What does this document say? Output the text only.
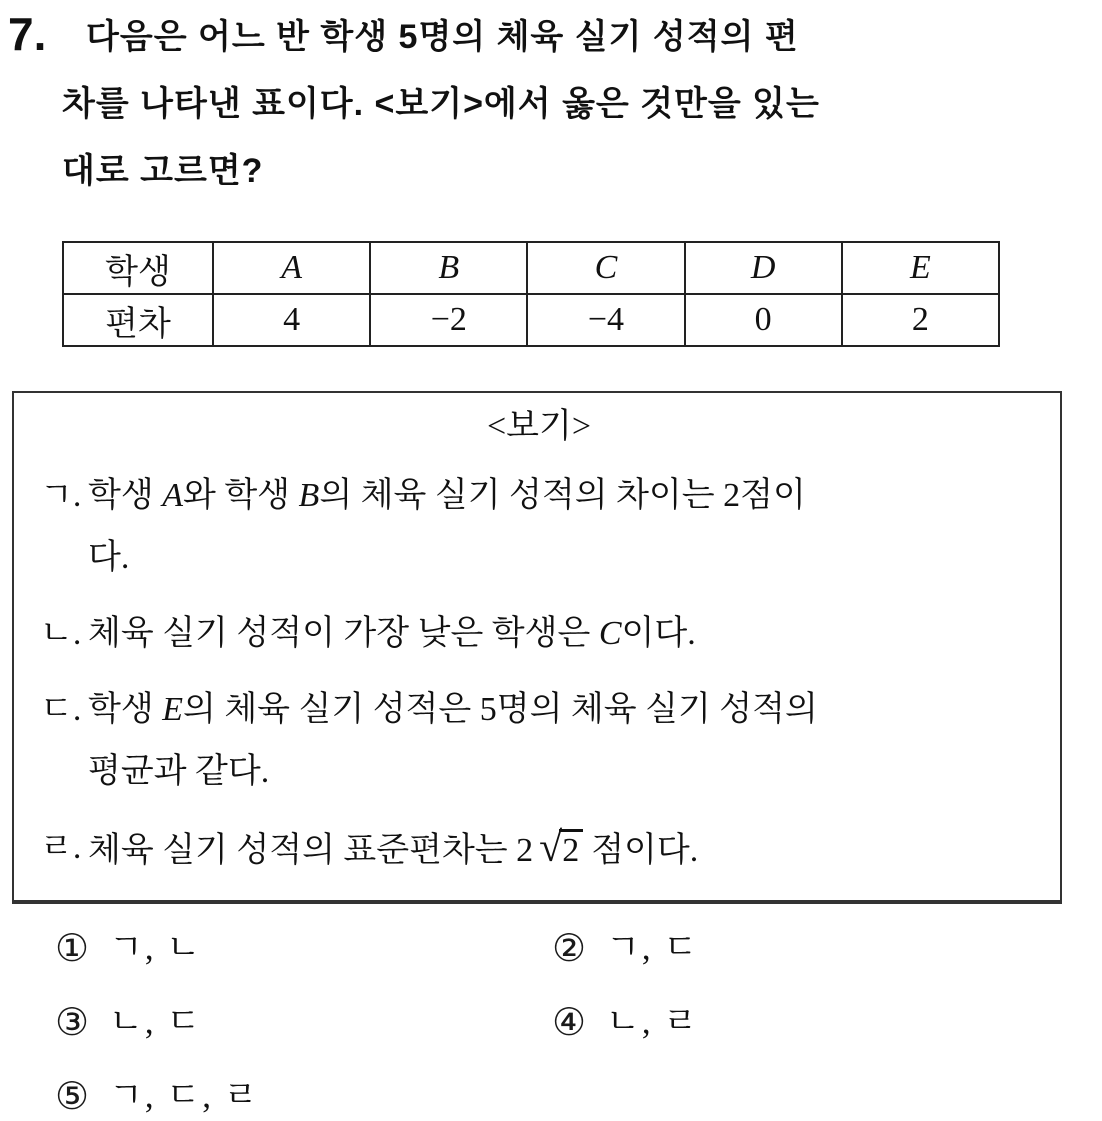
7.	다음은 어느 반 학생 5명의 체육 실기 성적의 편
차를 나타낸 표이다. <보기>에서 옳은 것만을 있는
대로 고르면?
학생	A	B	C	D	E
편차	4	−2	−4	0	2
<보기>
ㄱ. 학생 A와 학생 B의 체육 실기 성적의 차이는 2점이
다.
ㄴ. 체육 실기 성적이 가장 낮은 학생은 C이다.
ㄷ. 학생 E의 체육 실기 성적은 5명의 체육 실기 성적의
평균과 같다.
ㄹ. 체육 실기 성적의 표준편차는 2 √2 점이다.
① ㄱ, ㄴ	② ㄱ, ㄷ
③ ㄴ, ㄷ	④ ㄴ, ㄹ
⑤ ㄱ, ㄷ, ㄹ
